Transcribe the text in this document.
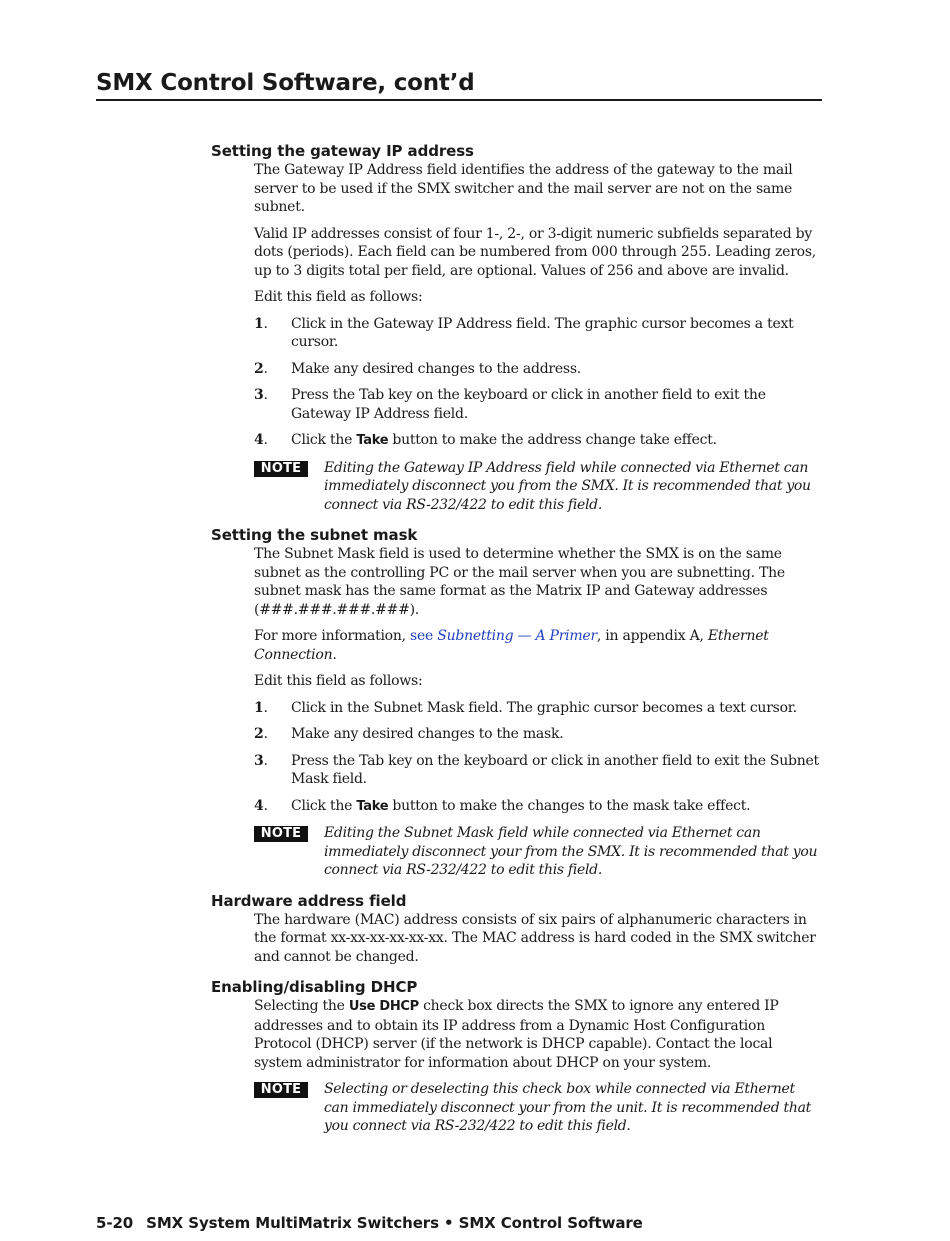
SMX Control Software, cont’d
Setting the gateway IP address

The Gateway IP Address field identifies the address of the gateway to the mail server to be used if the SMX switcher and the mail server are not on the same subnet.

Valid IP addresses consist of four 1-, 2-, or 3-digit numeric subfields separated by dots (periods). Each field can be numbered from 000 through 255. Leading zeros, up to 3 digits total per field, are optional. Values of 256 and above are invalid.

Edit this field as follows:

1.	Click in the Gateway IP Address field. The graphic cursor becomes a text cursor.
2.	Make any desired changes to the address.
3.	Press the Tab key on the keyboard or click in another field to exit the Gateway IP Address field.
4.	Click the Take button to make the address change take effect.
NOTE	Editing the Gateway IP Address field while connected via Ethernet can immediately disconnect you from the SMX. It is recommended that you connect via RS-232/422 to edit this field.
Setting the subnet mask

The Subnet Mask field is used to determine whether the SMX is on the same subnet as the controlling PC or the mail server when you are subnetting. The subnet mask has the same format as the Matrix IP and Gateway addresses (###.###.###.###).

For more information, see Subnetting — A Primer, in appendix A, Ethernet Connection.

Edit this field as follows:

1.	Click in the Subnet Mask field. The graphic cursor becomes a text cursor.
2.	Make any desired changes to the mask.
3.	Press the Tab key on the keyboard or click in another field to exit the Subnet Mask field.
4.	Click the Take button to make the changes to the mask take effect.
NOTE	Editing the Subnet Mask field while connected via Ethernet can immediately disconnect your from the SMX. It is recommended that you connect via RS-232/422 to edit this field.
Hardware address field

The hardware (MAC) address consists of six pairs of alphanumeric characters in the format xx-xx-xx-xx-xx-xx. The MAC address is hard coded in the SMX switcher and cannot be changed.

Enabling/disabling DHCP

Selecting the Use DHCP check box directs the SMX to ignore any entered IP addresses and to obtain its IP address from a Dynamic Host Configuration Protocol (DHCP) server (if the network is DHCP capable). Contact the local system administrator for information about DHCP on your system.

NOTE	Selecting or deselecting this check box while connected via Ethernet can immediately disconnect your from the unit. It is recommended that you connect via RS-232/422 to edit this field.
5-20 SMX System MultiMatrix Switchers • SMX Control Software
